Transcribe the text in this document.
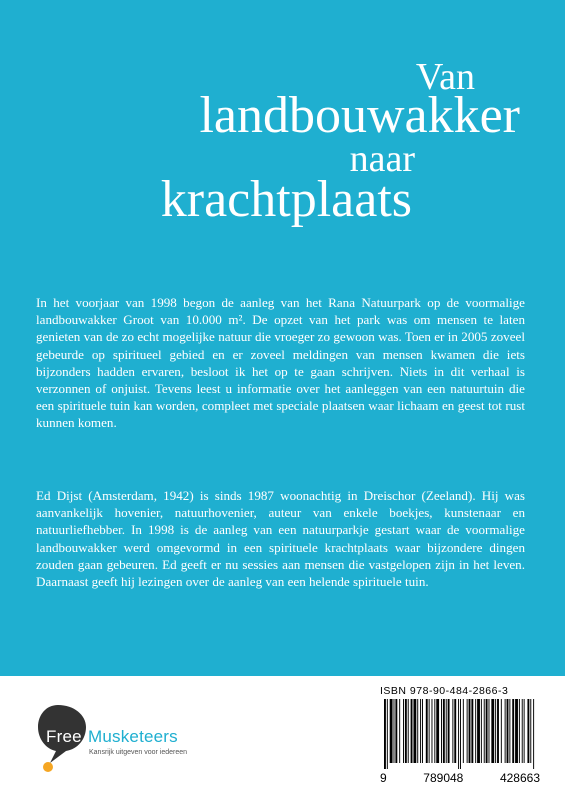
Van
landbouwakker
naar
krachtplaats

In het voorjaar van 1998 begon de aanleg van het Rana Natuurpark op de voormalige landbouwakker Groot van 10.000 m². De opzet van het park was om mensen te laten genieten van de zo echt mogelijke natuur die vroeger zo gewoon was. Toen er in 2005 zoveel gebeurde op spiritueel gebied en er zoveel meldingen van mensen kwamen die iets bijzonders hadden ervaren, besloot ik het op te gaan schrijven. Niets in dit verhaal is verzonnen of onjuist. Tevens leest u informatie over het aanleggen van een natuurtuin die een spirituele tuin kan worden, compleet met speciale plaatsen waar lichaam en geest tot rust kunnen komen.

Ed Dijst (Amsterdam, 1942) is sinds 1987 woonachtig in Dreischor (Zeeland). Hij was aanvankelijk hovenier, natuurhovenier, auteur van enkele boekjes, kunstenaar en natuurliefhebber. In 1998 is de aanleg van een natuurparkje gestart waar de voormalige landbouwakker werd omgevormd in een spirituele krachtplaats waar bijzondere dingen zouden gaan gebeuren. Ed geeft er nu sessies aan mensen die vastgelopen zijn in het leven. Daarnaast geeft hij lezingen over de aanleg van een helende spirituele tuin.

Free Musketeers
Kansrijk uitgeven voor iedereen
ISBN 978-90-484-2866-3
9	789048	428663
